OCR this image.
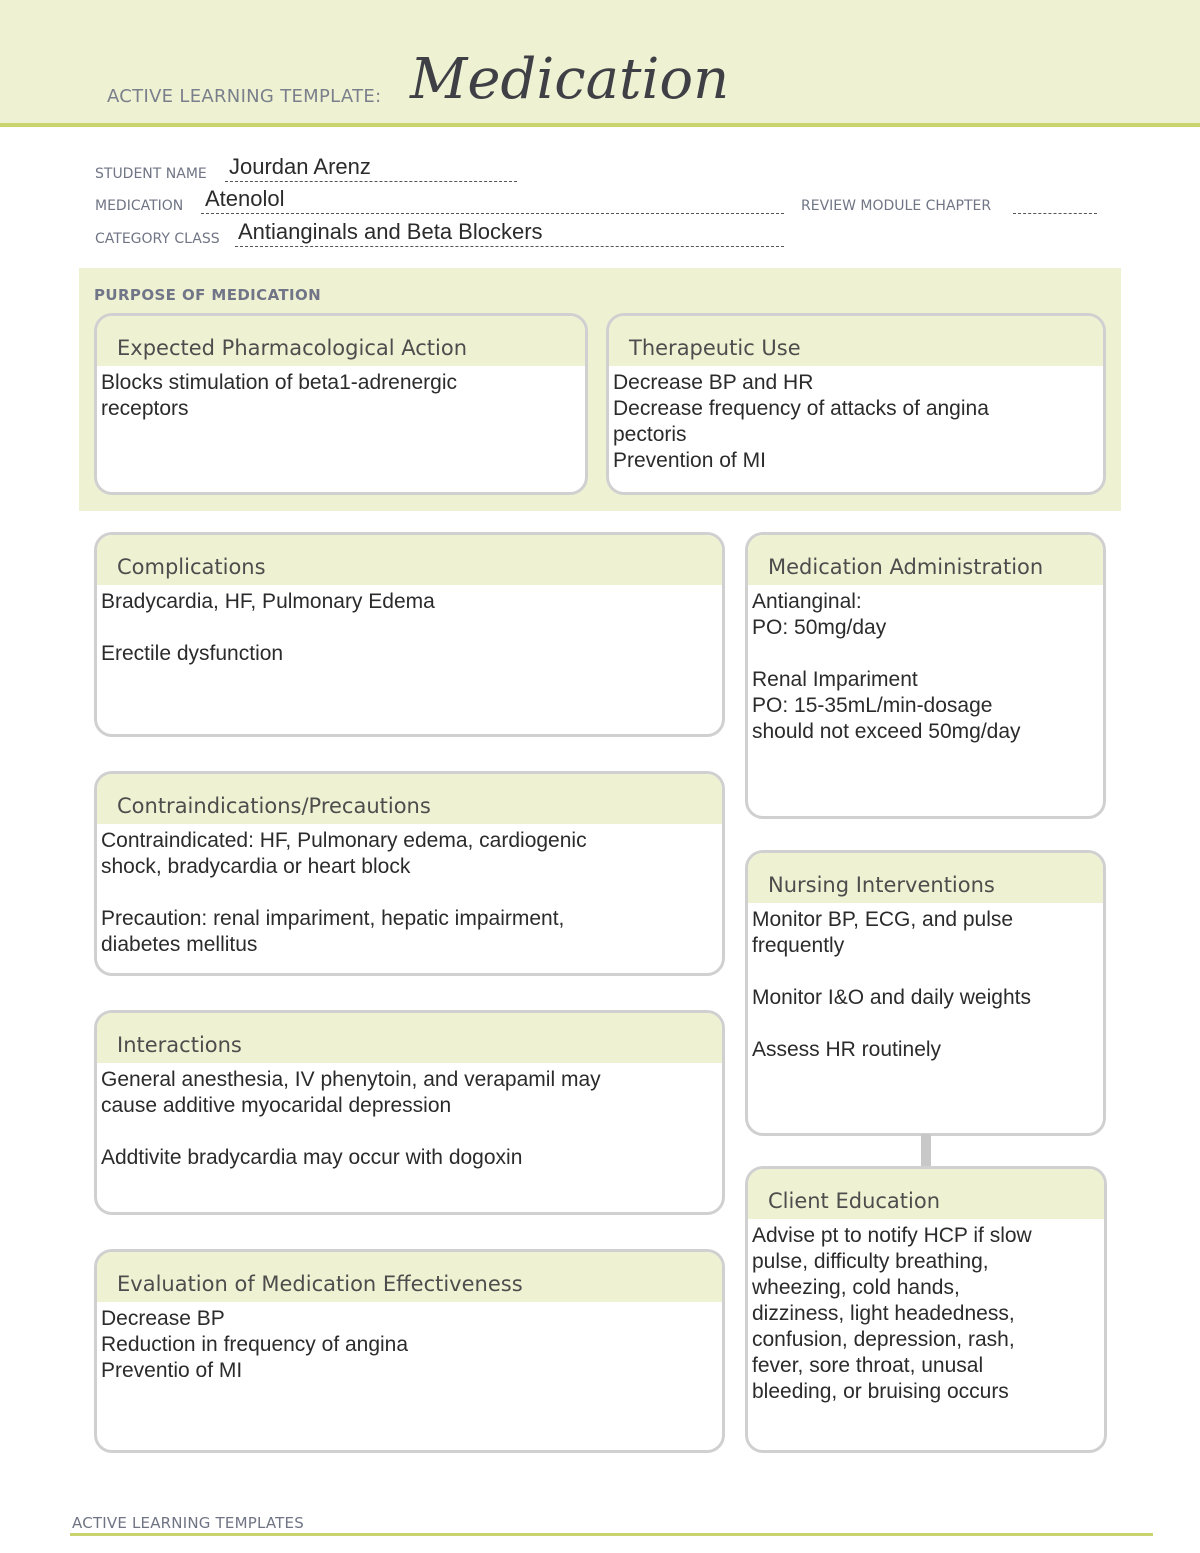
ACTIVE LEARNING TEMPLATE: Medication
STUDENT NAME Jourdan Arenz
MEDICATION Atenolol	REVIEW MODULE CHAPTER
CATEGORY CLASS Antianginals and Beta Blockers
PURPOSE OF MEDICATION
Expected Pharmacological Action
Blocks stimulation of beta1-adrenergic
receptors
Therapeutic Use
Decrease BP and HR
Decrease frequency of attacks of angina
pectoris
Prevention of MI
Complications
Bradycardia, HF, Pulmonary Edema
Erectile dysfunction
Contraindications/Precautions
Contraindicated: HF, Pulmonary edema, cardiogenic
shock, bradycardia or heart block
Precaution: renal impariment, hepatic impairment,
diabetes mellitus
Interactions
General anesthesia, IV phenytoin, and verapamil may
cause additive myocaridal depression
Addtivite bradycardia may occur with dogoxin
Evaluation of Medication Effectiveness
Decrease BP
Reduction in frequency of angina
Preventio of MI
Medication Administration
Antianginal:
PO: 50mg/day
Renal Impariment
PO: 15-35mL/min-dosage
should not exceed 50mg/day
Nursing Interventions
Monitor BP, ECG, and pulse
frequently
Monitor I&O and daily weights
Assess HR routinely
Client Education
Advise pt to notify HCP if slow
pulse, difficulty breathing,
wheezing, cold hands,
dizziness, light headedness,
confusion, depression, rash,
fever, sore throat, unusal
bleeding, or bruising occurs
ACTIVE LEARNING TEMPLATES
